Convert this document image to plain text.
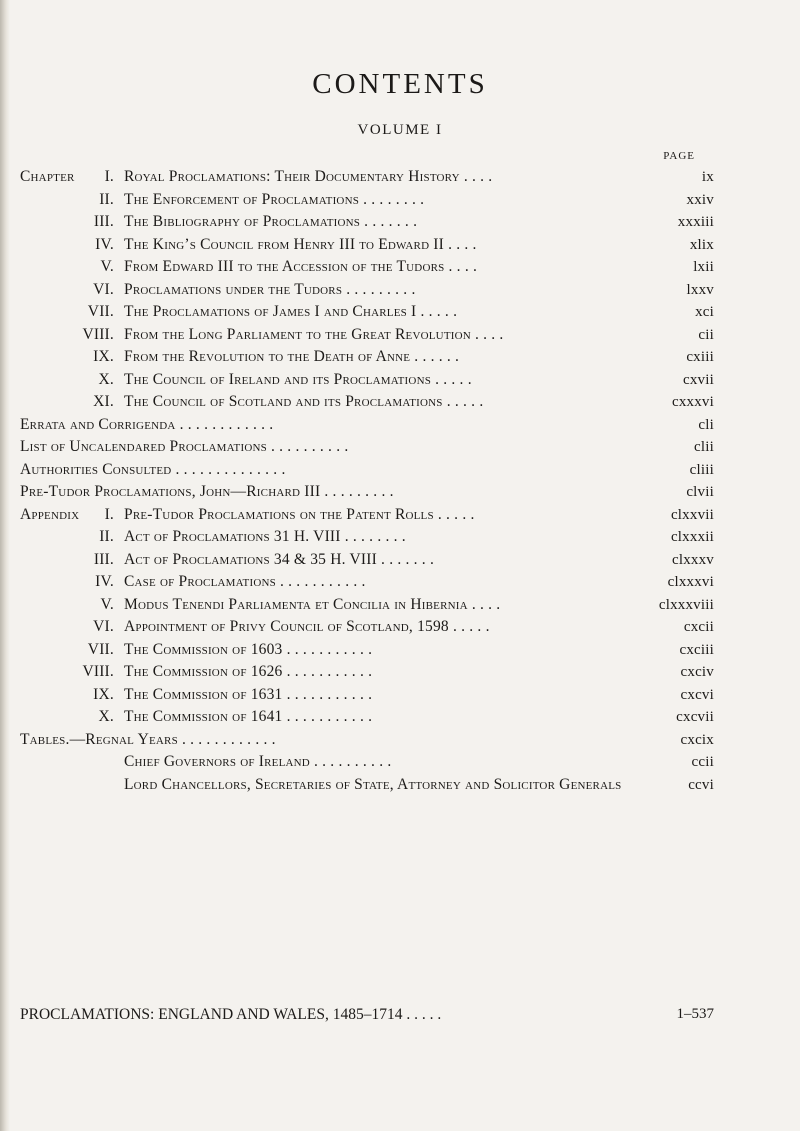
CONTENTS
VOLUME I
PAGE
Chapter	I. Royal Proclamations: Their Documentary History . . . .	ix
II. The Enforcement of Proclamations . . . . . . . .	xxiv
III. The Bibliography of Proclamations . . . . . . .	xxxiii
IV. The King’s Council from Henry III to Edward II . . . .	xlix
V. From Edward III to the Accession of the Tudors . . . .	lxii
VI. Proclamations under the Tudors . . . . . . . . .	lxxv
VII. The Proclamations of James I and Charles I . . . . .	xci
VIII. From the Long Parliament to the Great Revolution . . . .	cii
IX. From the Revolution to the Death of Anne . . . . . .	cxiii
X. The Council of Ireland and its Proclamations . . . . .	cxvii
XI. The Council of Scotland and its Proclamations . . . . .	cxxxvi
Errata and Corrigenda . . . . . . . . . . . .	cli
List of Uncalendared Proclamations . . . . . . . . . .	clii
Authorities Consulted . . . . . . . . . . . . . .	cliii
Pre-Tudor Proclamations, John—Richard III . . . . . . . . .	clvii
Appendix	I. Pre-Tudor Proclamations on the Patent Rolls . . . . .	clxxvii
II. Act of Proclamations 31 H. VIII . . . . . . . .	clxxxii
III. Act of Proclamations 34 & 35 H. VIII . . . . . . .	clxxxv
IV. Case of Proclamations . . . . . . . . . . .	clxxxvi
V. Modus Tenendi Parliamenta et Concilia in Hibernia . . . .	clxxxviii
VI. Appointment of Privy Council of Scotland, 1598 . . . . .	cxcii
VII. The Commission of 1603 . . . . . . . . . . .	cxciii
VIII. The Commission of 1626 . . . . . . . . . . .	cxciv
IX. The Commission of 1631 . . . . . . . . . . .	cxcvi
X. The Commission of 1641 . . . . . . . . . . .	cxcvii
Tables.—Regnal Years . . . . . . . . . . . .	cxcix
Chief Governors of Ireland . . . . . . . . . .	ccii
Lord Chancellors, Secretaries of State, Attorney and Solicitor Generals	ccvi
PROCLAMATIONS: ENGLAND AND WALES, 1485–1714 . . . . .	1–537
